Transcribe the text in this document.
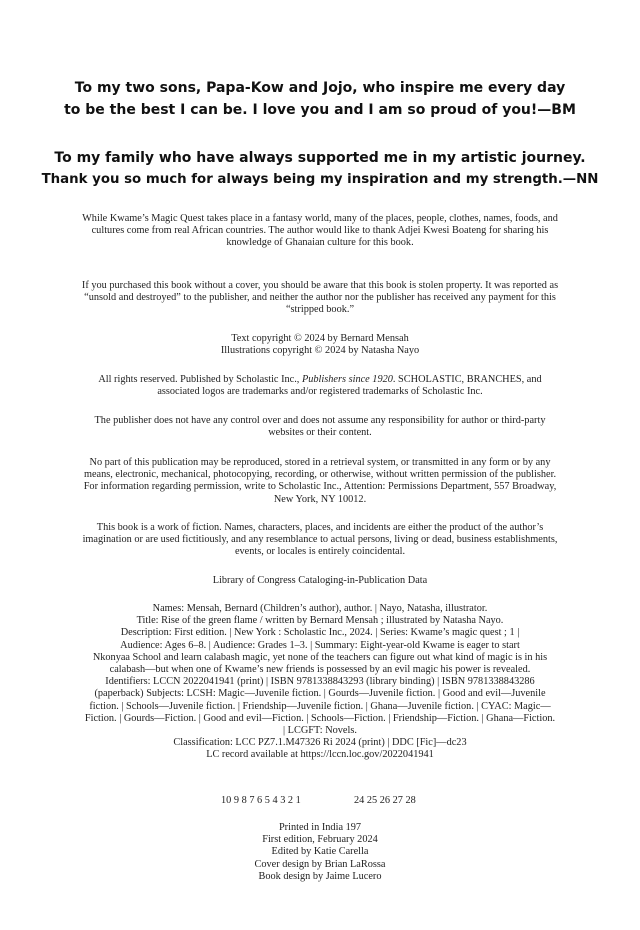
To my two sons, Papa-Kow and Jojo, who inspire me every day
to be the best I can be. I love you and I am so proud of you!—BM
To my family who have always supported me in my artistic journey.
Thank you so much for always being my inspiration and my strength.—NN
While Kwame’s Magic Quest takes place in a fantasy world, many of the places, people, clothes, names, foods, and
cultures come from real African countries. The author would like to thank Adjei Kwesi Boateng for sharing his
knowledge of Ghanaian culture for this book.
If you purchased this book without a cover, you should be aware that this book is stolen property. It was reported as
“unsold and destroyed” to the publisher, and neither the author nor the publisher has received any payment for this
“stripped book.”
Text copyright © 2024 by Bernard Mensah
Illustrations copyright © 2024 by Natasha Nayo
All rights reserved. Published by Scholastic Inc., Publishers since 1920. SCHOLASTIC, BRANCHES, and
associated logos are trademarks and/or registered trademarks of Scholastic Inc.
The publisher does not have any control over and does not assume any responsibility for author or third-party
websites or their content.
No part of this publication may be reproduced, stored in a retrieval system, or transmitted in any form or by any
means, electronic, mechanical, photocopying, recording, or otherwise, without written permission of the publisher.
For information regarding permission, write to Scholastic Inc., Attention: Permissions Department, 557 Broadway,
New York, NY 10012.
This book is a work of fiction. Names, characters, places, and incidents are either the product of the author’s
imagination or are used fictitiously, and any resemblance to actual persons, living or dead, business establishments,
events, or locales is entirely coincidental.
Library of Congress Cataloging-in-Publication Data
Names: Mensah, Bernard (Children’s author), author. | Nayo, Natasha, illustrator.
Title: Rise of the green flame / written by Bernard Mensah ; illustrated by Natasha Nayo.
Description: First edition. | New York : Scholastic Inc., 2024. | Series: Kwame’s magic quest ; 1 |
Audience: Ages 6–8. | Audience: Grades 1–3. | Summary: Eight-year-old Kwame is eager to start
Nkonyaa School and learn calabash magic, yet none of the teachers can figure out what kind of magic is in his
calabash—but when one of Kwame’s new friends is possessed by an evil magic his power is revealed.
Identifiers: LCCN 2022041941 (print) | ISBN 9781338843293 (library binding) | ISBN 9781338843286
(paperback) Subjects: LCSH: Magic—Juvenile fiction. | Gourds—Juvenile fiction. | Good and evil—Juvenile
fiction. | Schools—Juvenile fiction. | Friendship—Juvenile fiction. | Ghana—Juvenile fiction. | CYAC: Magic—
Fiction. | Gourds—Fiction. | Good and evil—Fiction. | Schools—Fiction. | Friendship—Fiction. | Ghana—Fiction.
| LCGFT: Novels.
Classification: LCC PZ7.1.M47326 Ri 2024 (print) | DDC [Fic]—dc23
LC record available at https://lccn.loc.gov/2022041941
10 9 8 7 6 5 4 3 2 1	24 25 26 27 28
Printed in India 197
First edition, February 2024
Edited by Katie Carella
Cover design by Brian LaRossa
Book design by Jaime Lucero
